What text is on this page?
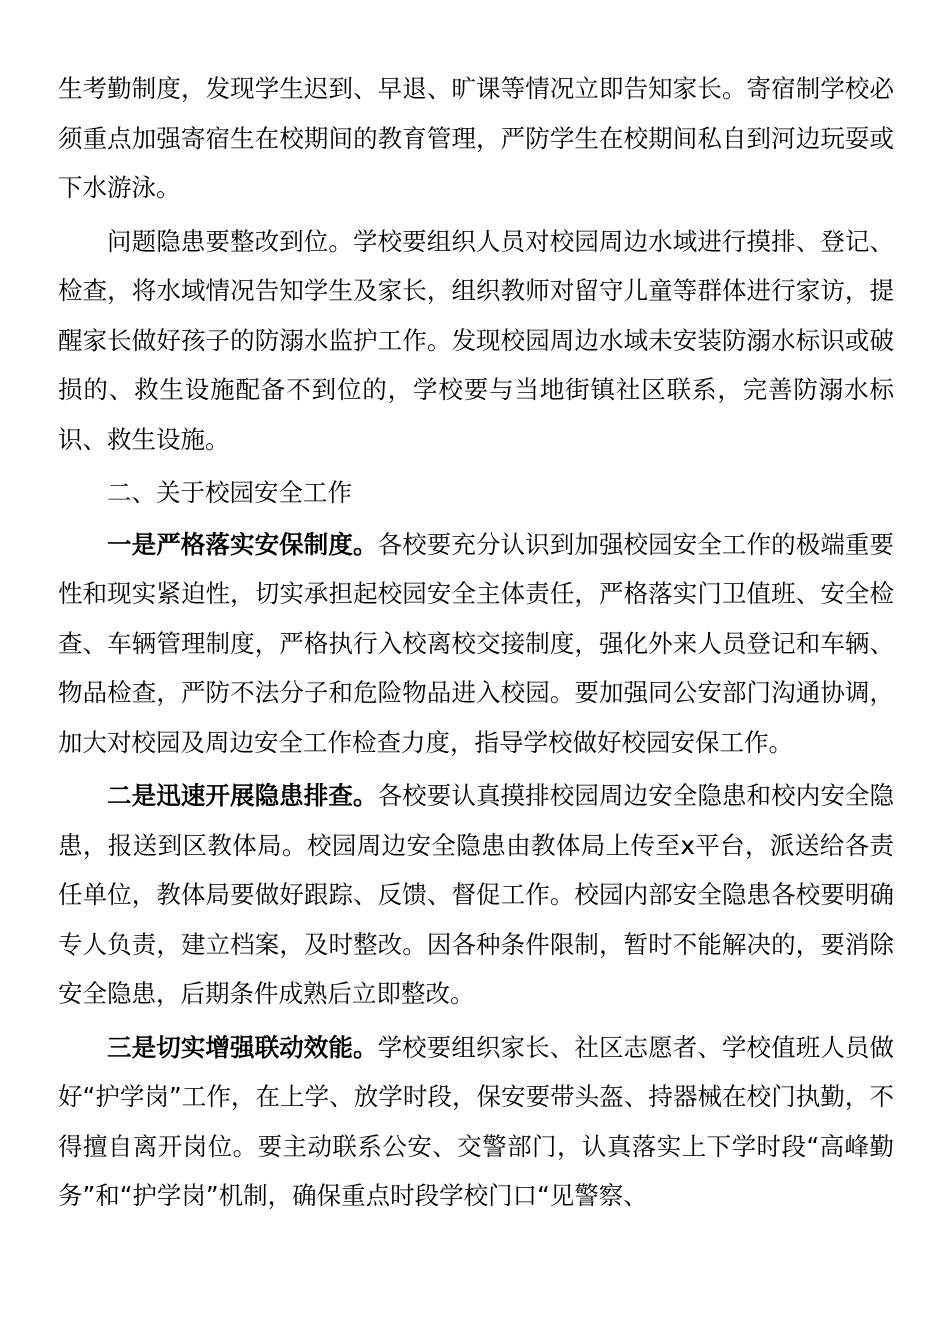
生考勤制度，发现学生迟到、早退、旷课等情况立即告知家长。寄宿制学校必须重点加强寄宿生在校期间的教育管理，严防学生在校期间私自到河边玩耍或下水游泳。

问题隐患要整改到位。学校要组织人员对校园周边水域进行摸排、登记、检查，将水域情况告知学生及家长，组织教师对留守儿童等群体进行家访，提醒家长做好孩子的防溺水监护工作。发现校园周边水域未安装防溺水标识或破损的、救生设施配备不到位的，学校要与当地街镇社区联系，完善防溺水标识、救生设施。

二、关于校园安全工作

一是严格落实安保制度。各校要充分认识到加强校园安全工作的极端重要性和现实紧迫性，切实承担起校园安全主体责任，严格落实门卫值班、安全检查、车辆管理制度，严格执行入校离校交接制度，强化外来人员登记和车辆、物品检查，严防不法分子和危险物品进入校园。要加强同公安部门沟通协调，加大对校园及周边安全工作检查力度，指导学校做好校园安保工作。

二是迅速开展隐患排查。各校要认真摸排校园周边安全隐患和校内安全隐患，报送到区教体局。校园周边安全隐患由教体局上传至x平台，派送给各责任单位，教体局要做好跟踪、反馈、督促工作。校园内部安全隐患各校要明确专人负责，建立档案，及时整改。因各种条件限制，暂时不能解决的，要消除安全隐患，后期条件成熟后立即整改。

三是切实增强联动效能。学校要组织家长、社区志愿者、学校值班人员做好“护学岗”工作，在上学、放学时段，保安要带头盔、持器械在校门执勤，不得擅自离开岗位。要主动联系公安、交警部门，认真落实上下学时段“高峰勤务”和“护学岗”机制，确保重点时段学校门口“见警察、
